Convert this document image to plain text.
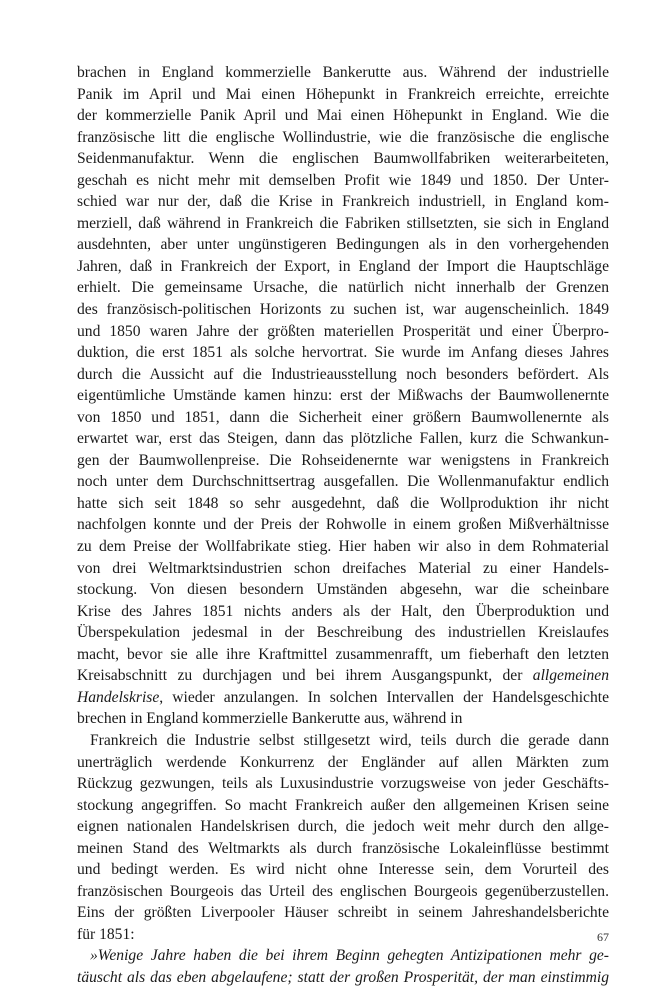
brachen in England kommerzielle Bankerutte aus. Während der industrielle
Panik im April und Mai einen Höhepunkt in Frankreich erreichte, erreichte
der kommerzielle Panik April und Mai einen Höhepunkt in England. Wie die
französische litt die englische Wollindustrie, wie die französische die englische
Seidenmanufaktur. Wenn die englischen Baumwollfabriken weiterarbeiteten,
geschah es nicht mehr mit demselben Profit wie 1849 und 1850. Der Unter-
schied war nur der, daß die Krise in Frankreich industriell, in England kom-
merziell, daß während in Frankreich die Fabriken stillsetzten, sie sich in England
ausdehnten, aber unter ungünstigeren Bedingungen als in den vorhergehenden
Jahren, daß in Frankreich der Export, in England der Import die Hauptschläge
erhielt. Die gemeinsame Ursache, die natürlich nicht innerhalb der Grenzen
des französisch-politischen Horizonts zu suchen ist, war augenscheinlich. 1849
und 1850 waren Jahre der größten materiellen Prosperität und einer Überpro-
duktion, die erst 1851 als solche hervortrat. Sie wurde im Anfang dieses Jahres
durch die Aussicht auf die Industrieausstellung noch besonders befördert. Als
eigentümliche Umstände kamen hinzu: erst der Mißwachs der Baumwollenernte
von 1850 und 1851, dann die Sicherheit einer größern Baumwollenernte als
erwartet war, erst das Steigen, dann das plötzliche Fallen, kurz die Schwankun-
gen der Baumwollenpreise. Die Rohseidenernte war wenigstens in Frankreich
noch unter dem Durchschnittsertrag ausgefallen. Die Wollenmanufaktur endlich
hatte sich seit 1848 so sehr ausgedehnt, daß die Wollproduktion ihr nicht
nachfolgen konnte und der Preis der Rohwolle in einem großen Mißverhältnisse
zu dem Preise der Wollfabrikate stieg. Hier haben wir also in dem Rohmaterial
von drei Weltmarktsindustrien schon dreifaches Material zu einer Handels-
stockung. Von diesen besondern Umständen abgesehn, war die scheinbare
Krise des Jahres 1851 nichts anders als der Halt, den Überproduktion und
Überspekulation jedesmal in der Beschreibung des industriellen Kreislaufes
macht, bevor sie alle ihre Kraftmittel zusammenrafft, um fieberhaft den letzten
Kreisabschnitt zu durchjagen und bei ihrem Ausgangspunkt, der allgemeinen
Handelskrise, wieder anzulangen. In solchen Intervallen der Handelsgeschichte
brechen in England kommerzielle Bankerutte aus, während in
Frankreich die Industrie selbst stillgesetzt wird, teils durch die gerade dann
unerträglich werdende Konkurrenz der Engländer auf allen Märkten zum
Rückzug gezwungen, teils als Luxusindustrie vorzugsweise von jeder Geschäfts-
stockung angegriffen. So macht Frankreich außer den allgemeinen Krisen seine
eignen nationalen Handelskrisen durch, die jedoch weit mehr durch den allge-
meinen Stand des Weltmarkts als durch französische Lokaleinflüsse bestimmt
und bedingt werden. Es wird nicht ohne Interesse sein, dem Vorurteil des
französischen Bourgeois das Urteil des englischen Bourgeois gegenüberzustellen.
Eins der größten Liverpooler Häuser schreibt in seinem Jahreshandelsberichte
für 1851:
»Wenige Jahre haben die bei ihrem Beginn gehegten Antizipationen mehr ge-
täuscht als das eben abgelaufene; statt der großen Prosperität, der man einstimmig
67
